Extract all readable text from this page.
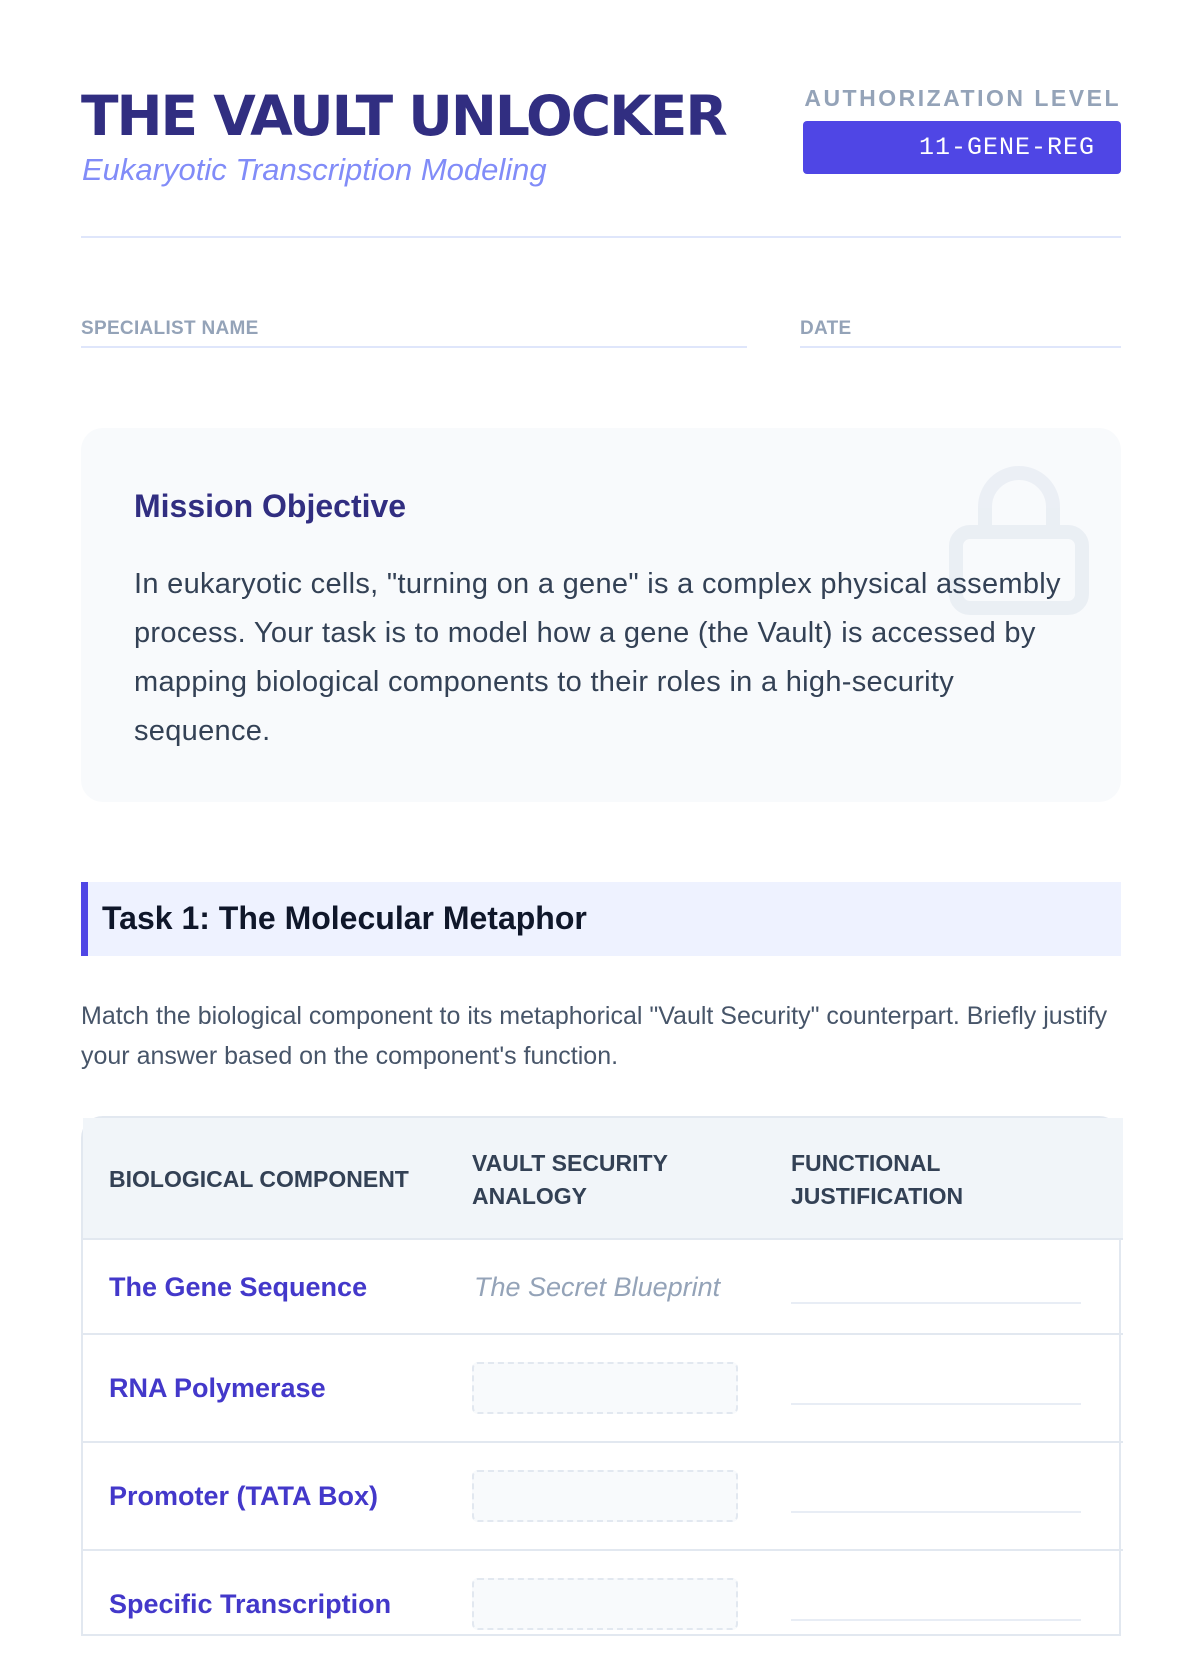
THE VAULT UNLOCKER
Eukaryotic Transcription Modeling
AUTHORIZATION LEVEL
11-GENE-REG
SPECIALIST NAME	DATE
Mission Objective

In eukaryotic cells, "turning on a gene" is a complex physical assembly process. Your task is to model how a gene (the Vault) is accessed by mapping biological components to their roles in a high-security sequence.

Task 1: The Molecular Metaphor

Match the biological component to its metaphorical "Vault Security" counterpart. Briefly justify your answer based on the component's function.

BIOLOGICAL COMPONENT
VAULT SECURITY ANALOGY
FUNCTIONAL JUSTIFICATION
The Gene Sequence	The Secret Blueprint
RNA Polymerase
Promoter (TATA Box)
Specific Transcription
